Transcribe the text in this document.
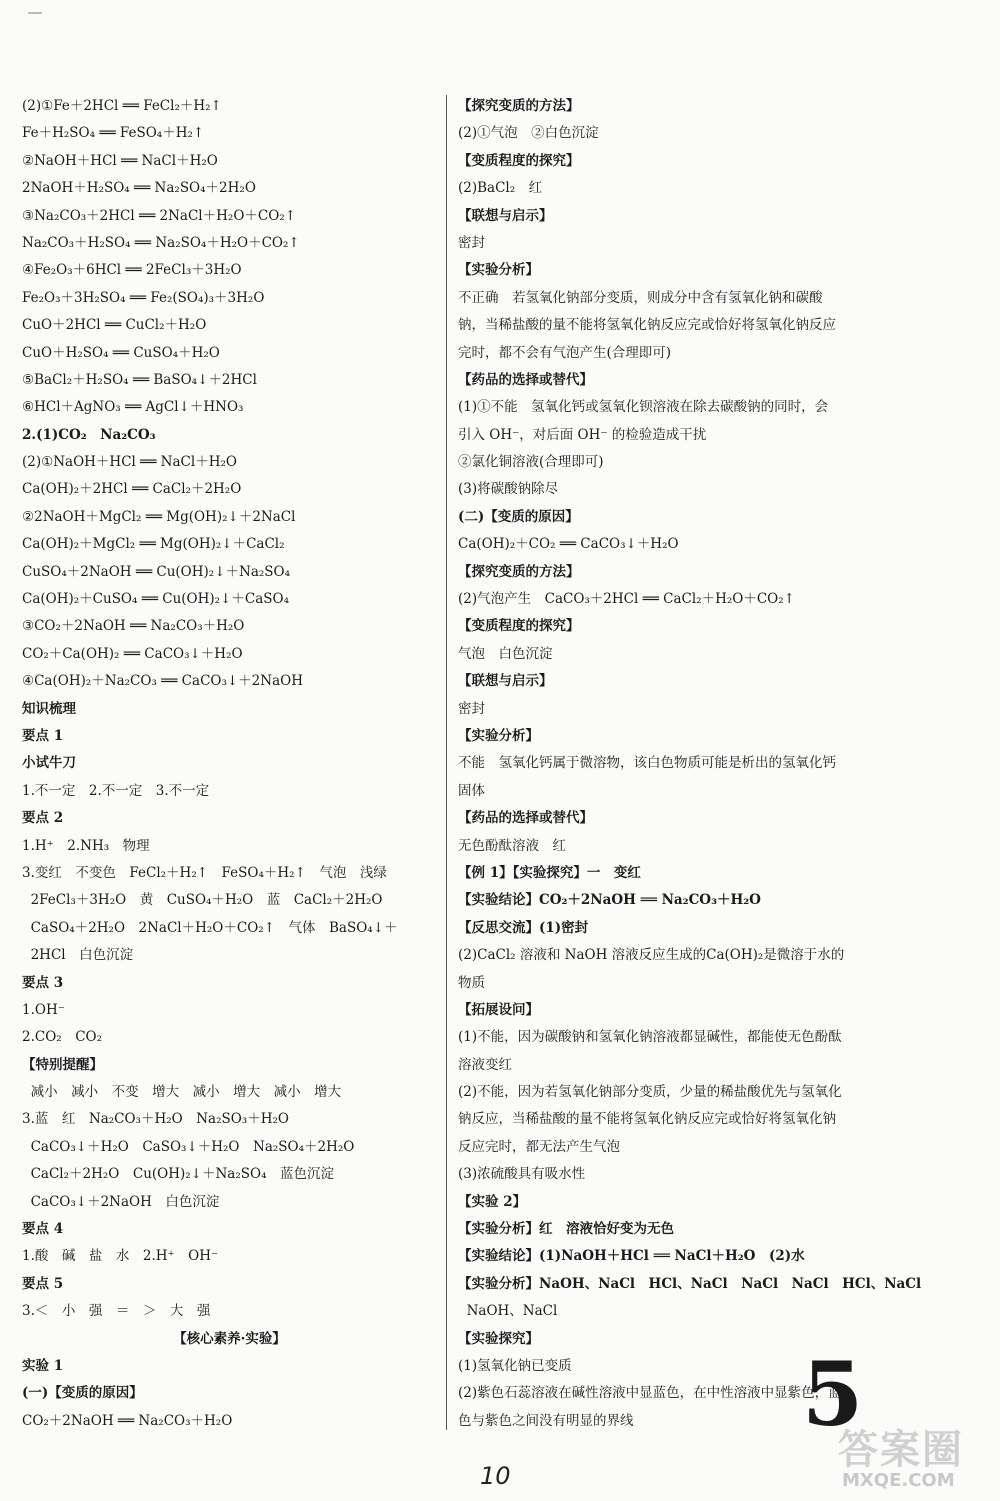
(2)①Fe＋2HCl ══ FeCl₂＋H₂↑
Fe＋H₂SO₄ ══ FeSO₄＋H₂↑
②NaOH＋HCl ══ NaCl＋H₂O
2NaOH＋H₂SO₄ ══ Na₂SO₄＋2H₂O
③Na₂CO₃＋2HCl ══ 2NaCl＋H₂O＋CO₂↑
Na₂CO₃＋H₂SO₄ ══ Na₂SO₄＋H₂O＋CO₂↑
④Fe₂O₃＋6HCl ══ 2FeCl₃＋3H₂O
Fe₂O₃＋3H₂SO₄ ══ Fe₂(SO₄)₃＋3H₂O
CuO＋2HCl ══ CuCl₂＋H₂O
CuO＋H₂SO₄ ══ CuSO₄＋H₂O
⑤BaCl₂＋H₂SO₄ ══ BaSO₄↓＋2HCl
⑥HCl＋AgNO₃ ══ AgCl↓＋HNO₃
2.(1)CO₂　Na₂CO₃
(2)①NaOH＋HCl ══ NaCl＋H₂O
Ca(OH)₂＋2HCl ══ CaCl₂＋2H₂O
②2NaOH＋MgCl₂ ══ Mg(OH)₂↓＋2NaCl
Ca(OH)₂＋MgCl₂ ══ Mg(OH)₂↓＋CaCl₂
CuSO₄＋2NaOH ══ Cu(OH)₂↓＋Na₂SO₄
Ca(OH)₂＋CuSO₄ ══ Cu(OH)₂↓＋CaSO₄
③CO₂＋2NaOH ══ Na₂CO₃＋H₂O
CO₂＋Ca(OH)₂ ══ CaCO₃↓＋H₂O
④Ca(OH)₂＋Na₂CO₃ ══ CaCO₃↓＋2NaOH
知识梳理
要点 1
小试牛刀
1.不一定　2.不一定　3.不一定
要点 2
1.H⁺　2.NH₃　物理
3.变红　不变色　FeCl₂＋H₂↑　FeSO₄＋H₂↑　气泡　浅绿
2FeCl₃＋3H₂O　黄　CuSO₄＋H₂O　蓝　CaCl₂＋2H₂O
CaSO₄＋2H₂O　2NaCl＋H₂O＋CO₂↑　气体　BaSO₄↓＋
2HCl　白色沉淀
要点 3
1.OH⁻
2.CO₂　CO₂
【特别提醒】
减小　减小　不变　增大　减小　增大　减小　增大
3.蓝　红　Na₂CO₃＋H₂O　Na₂SO₃＋H₂O
CaCO₃↓＋H₂O　CaSO₃↓＋H₂O　Na₂SO₄＋2H₂O
CaCl₂＋2H₂O　Cu(OH)₂↓＋Na₂SO₄　蓝色沉淀
CaCO₃↓＋2NaOH　白色沉淀
要点 4
1.酸　碱　盐　水　2.H⁺　OH⁻
要点 5
3.＜　小　强　＝　＞　大　强
【核心素养·实验】
实验 1
(一)【变质的原因】
CO₂＋2NaOH ══ Na₂CO₃＋H₂O
【探究变质的方法】
(2)①气泡　②白色沉淀
【变质程度的探究】
(2)BaCl₂　红
【联想与启示】
密封
【实验分析】
不正确　若氢氧化钠部分变质，则成分中含有氢氧化钠和碳酸
钠，当稀盐酸的量不能将氢氧化钠反应完或恰好将氢氧化钠反应
完时，都不会有气泡产生(合理即可)
【药品的选择或替代】
(1)①不能　氢氧化钙或氢氧化钡溶液在除去碳酸钠的同时，会
引入 OH⁻，对后面 OH⁻ 的检验造成干扰
②氯化铜溶液(合理即可)
(3)将碳酸钠除尽
(二)【变质的原因】
Ca(OH)₂＋CO₂ ══ CaCO₃↓＋H₂O
【探究变质的方法】
(2)气泡产生　CaCO₃＋2HCl ══ CaCl₂＋H₂O＋CO₂↑
【变质程度的探究】
气泡　白色沉淀
【联想与启示】
密封
【实验分析】
不能　氢氧化钙属于微溶物，该白色物质可能是析出的氢氧化钙
固体
【药品的选择或替代】
无色酚酞溶液　红
【例 1】【实验探究】一　变红
【实验结论】CO₂＋2NaOH ══ Na₂CO₃＋H₂O
【反思交流】(1)密封
(2)CaCl₂ 溶液和 NaOH 溶液反应生成的Ca(OH)₂是微溶于水的
物质
【拓展设问】
(1)不能，因为碳酸钠和氢氧化钠溶液都显碱性，都能使无色酚酞
溶液变红
(2)不能，因为若氢氧化钠部分变质，少量的稀盐酸优先与氢氧化
钠反应，当稀盐酸的量不能将氢氧化钠反应完或恰好将氢氧化钠
反应完时，都无法产生气泡
(3)浓硫酸具有吸水性
【实验 2】
【实验分析】红　溶液恰好变为无色
【实验结论】(1)NaOH＋HCl ══ NaCl＋H₂O　(2)水
【实验分析】NaOH、NaCl　HCl、NaCl　NaCl　NaCl　HCl、NaCl
NaOH、NaCl
【实验探究】
(1)氢氧化钠已变质
(2)紫色石蕊溶液在碱性溶液中显蓝色，在中性溶液中显紫色，蓝
色与紫色之间没有明显的界线	5
10
答案圈
MXQE.COM
